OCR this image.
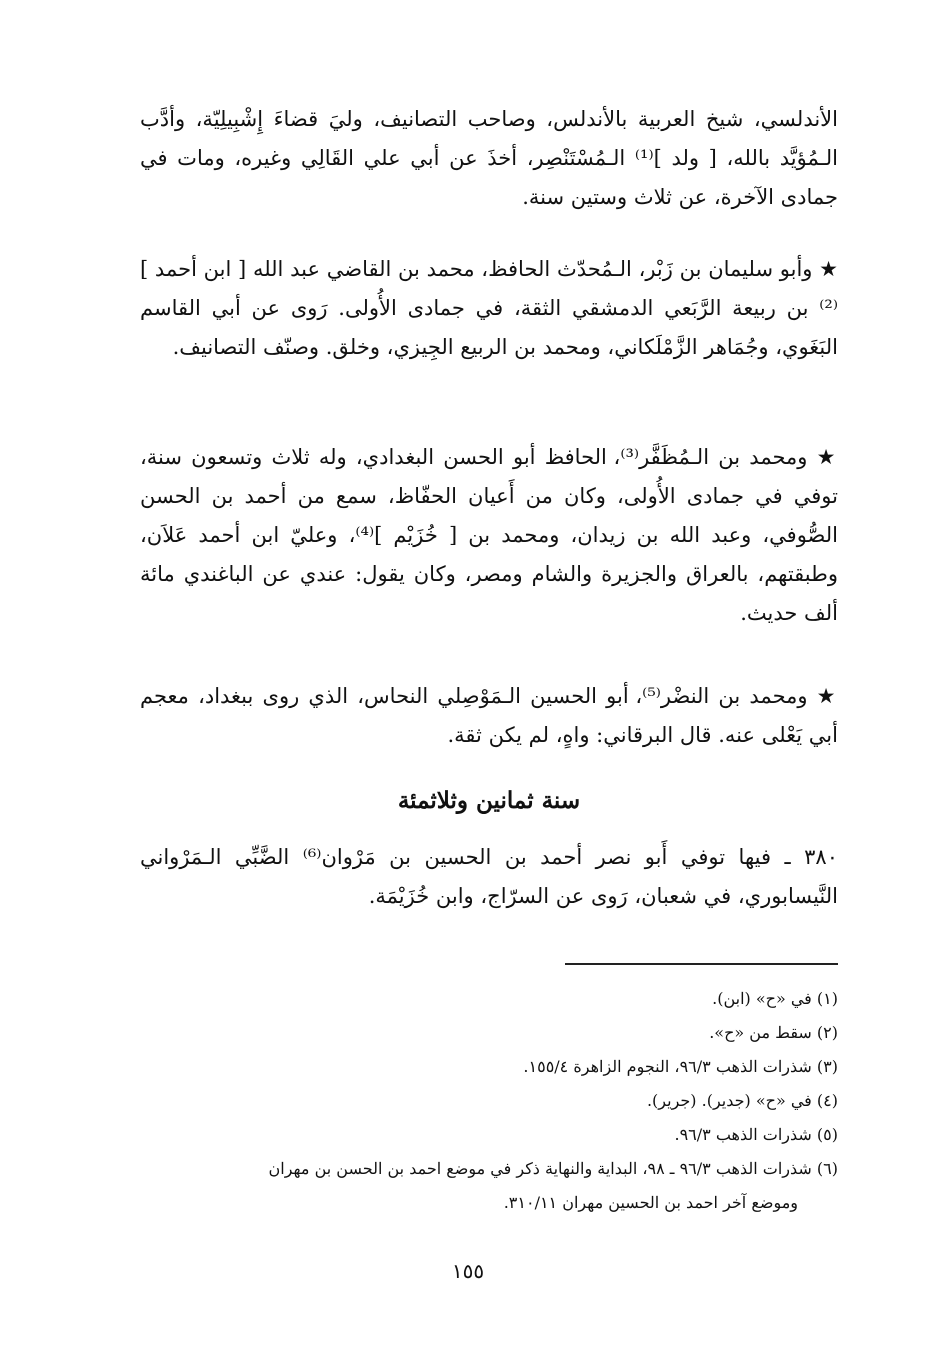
الأندلسي، شيخ العربية بالأندلس، وصاحب التصانيف، وليَ قضاءَ إِشْبِيلِيّة، وأدَّب الـمُؤيَّد بالله، [ ولد ]⁽¹⁾ الـمُسْتَنْصِر، أخذَ عن أبي علي القَالِي وغيره، ومات في جمادى الآخرة، عن ثلاث وستين سنة.

★ وأبو سليمان بن زَبْر، الـمُحدّث الحافظ، محمد بن القاضي عبد الله [ ابن أحمد ]⁽²⁾ بن ربيعة الرَّبَعي الدمشقي الثقة، في جمادى الأُولى. رَوى عن أبي القاسم البَغَوي، وجُمَاهر الزَّمْلَكاني، ومحمد بن الربيع الجِيزي، وخلق. وصنّف التصانيف.

★ ومحمد بن الـمُظَفَّر⁽³⁾، الحافظ أبو الحسن البغدادي، وله ثلاث وتسعون سنة، توفي في جمادى الأُولى، وكان من أَعيان الحفّاظ، سمع من أحمد بن الحسن الصُّوفي، وعبد الله بن زيدان، ومحمد بن [ خُزَيْم ]⁽⁴⁾، وعليّ ابن أحمد عَلاَن، وطبقتهم، بالعراق والجزيرة والشام ومصر، وكان يقول: عندي عن الباغندي مائة ألف حديث.

★ ومحمد بن النضْر⁽⁵⁾، أبو الحسين الـمَوْصِلي النحاس، الذي روى ببغداد، معجم أبي يَعْلى عنه. قال البرقاني: واهٍ، لم يكن ثقة.

سنة ثمانين وثلاثمئة

٣٨٠ ـ فيها توفي أَبو نصر أحمد بن الحسين بن مَرْوان⁽⁶⁾ الضَّبِّي الـمَرْواني النَّيسابوري، في شعبان، رَوى عن السرّاج، وابن خُزَيْمَة.

(١) في «ح» (ابن).

(٢) سقط من «ح».

(٣) شذرات الذهب ٩٦/٣، النجوم الزاهرة ١٥٥/٤.

(٤) في «ح» (جدير). (جرير).

(٥) شذرات الذهب ٩٦/٣.

(٦) شذرات الذهب ٩٦/٣ ـ ٩٨، البداية والنهاية ذكر في موضع احمد بن الحسن بن مهران

وموضع آخر احمد بن الحسين مهران ٣١٠/١١.

١٥٥
